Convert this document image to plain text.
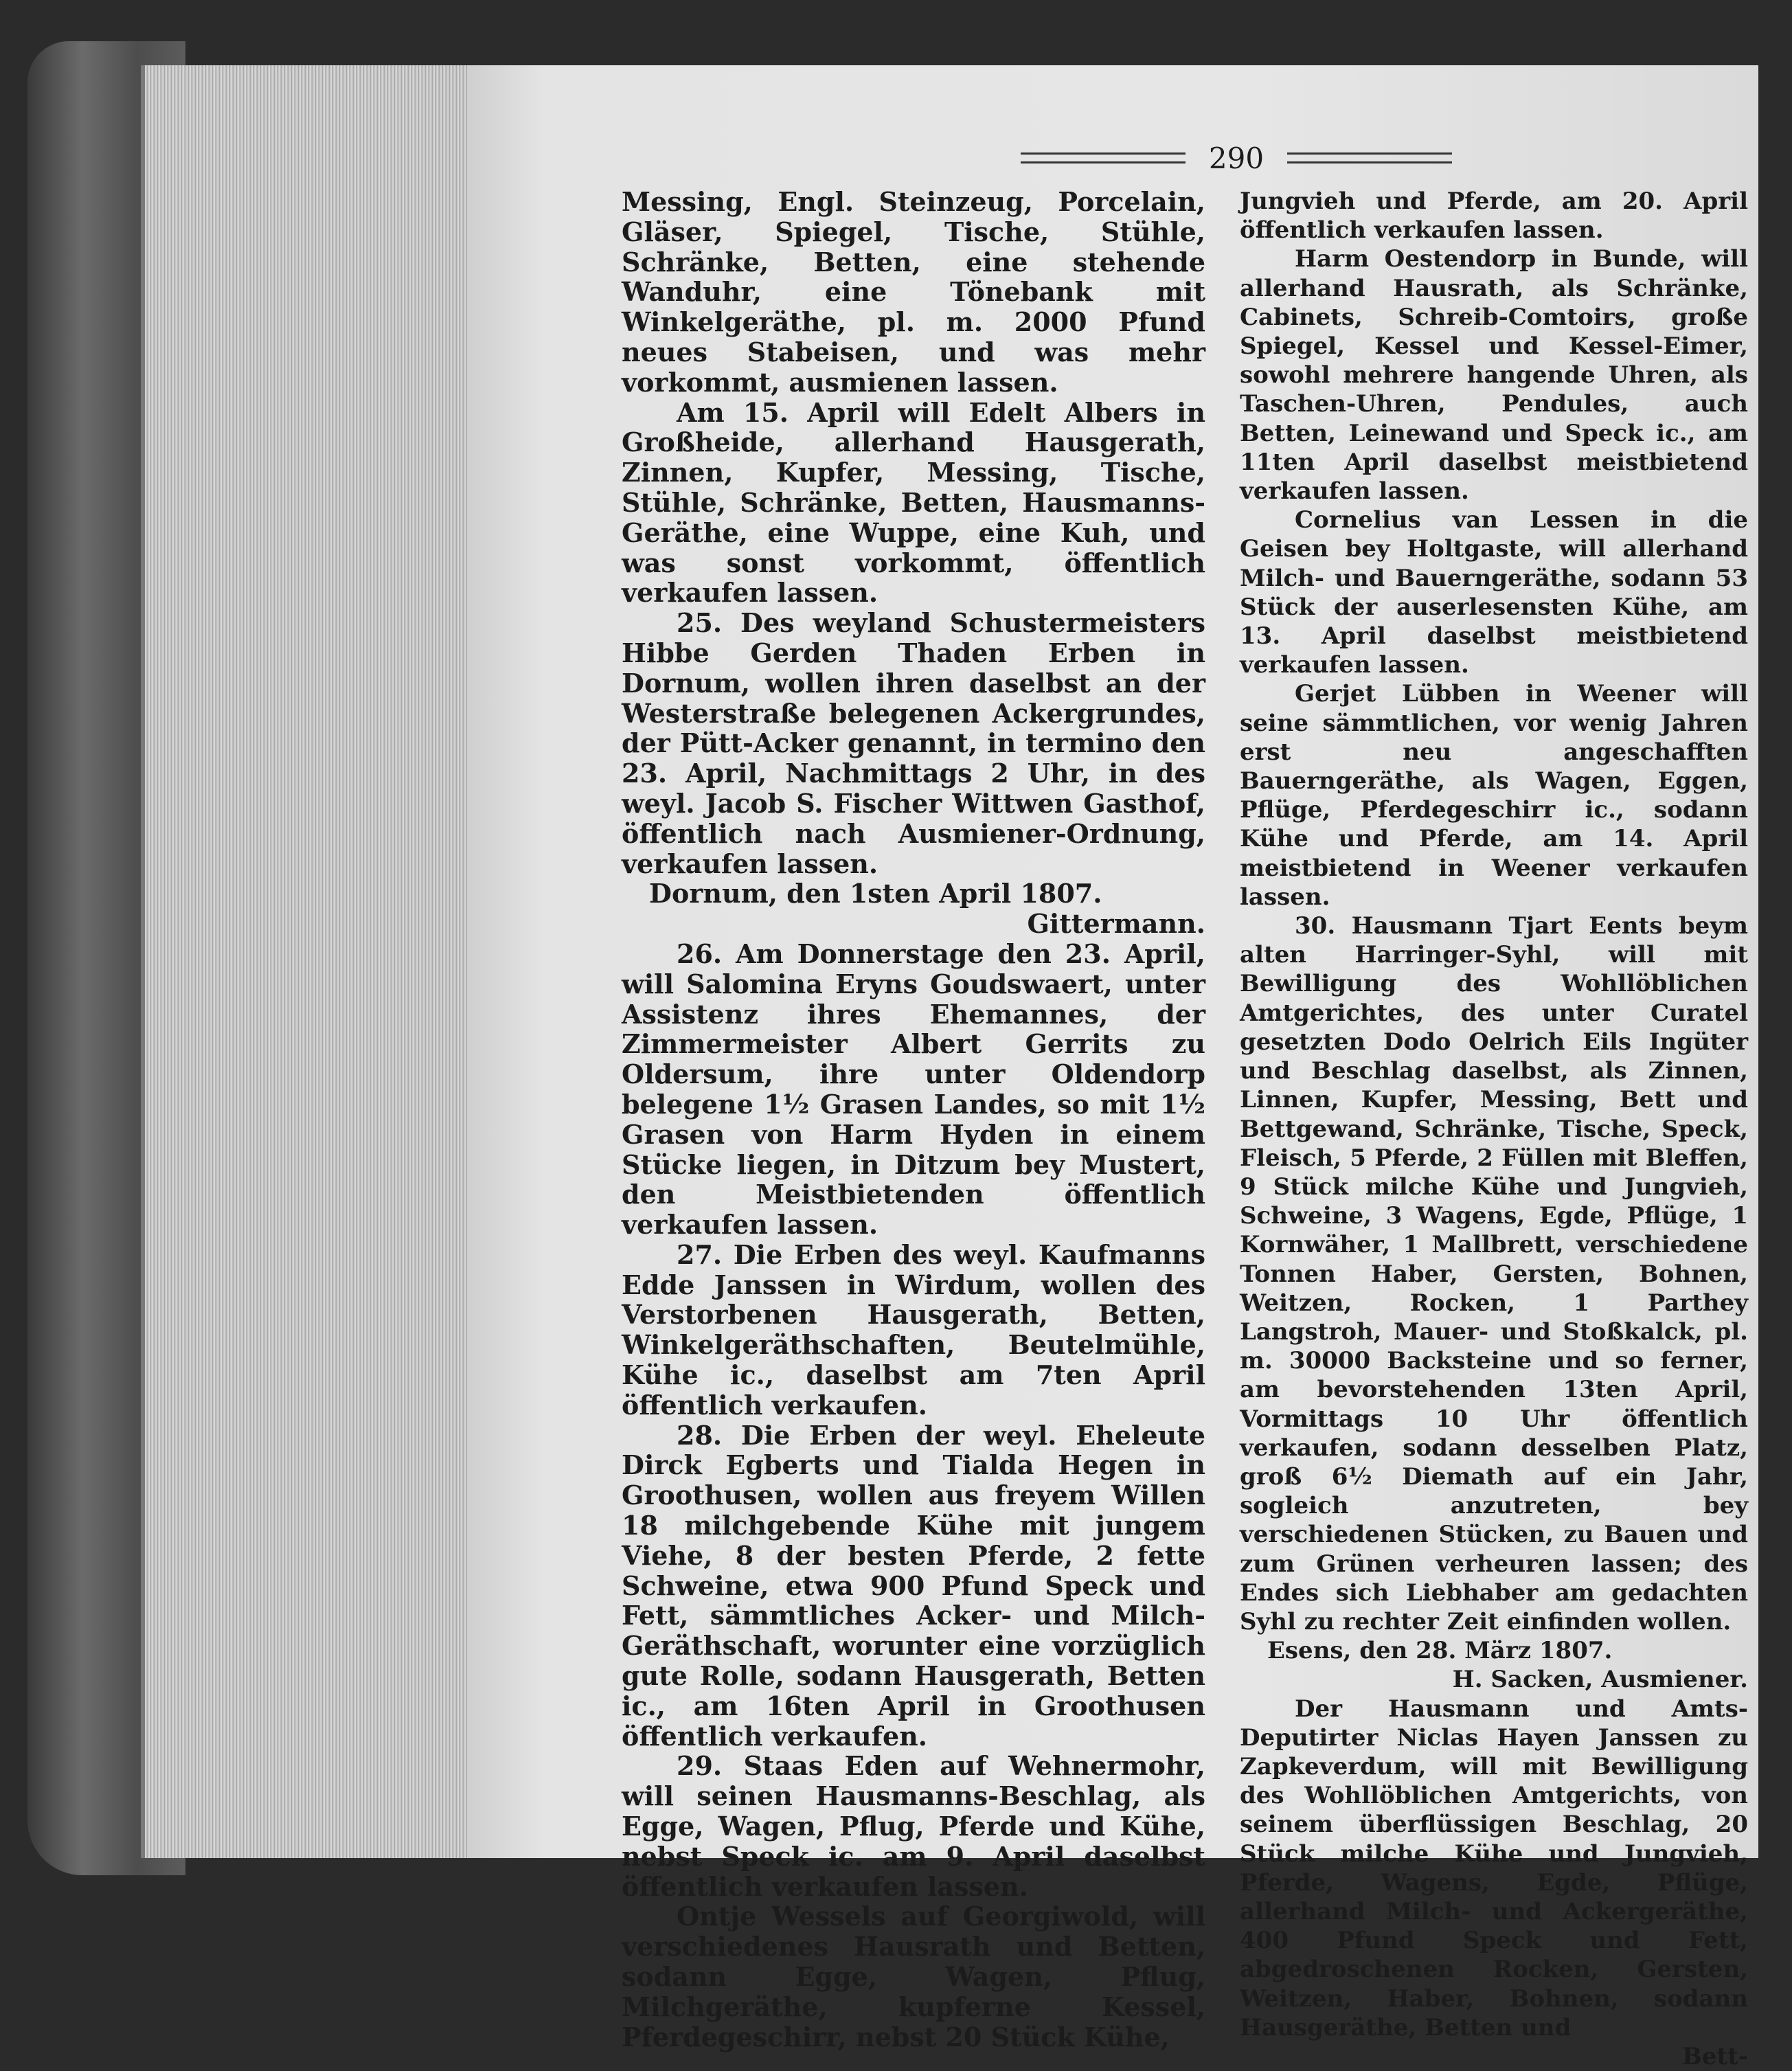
290

Messing, Engl. Steinzeug, Porcelain, Gläser, Spiegel, Tische, Stühle, Schränke, Betten, eine stehende Wanduhr, eine Tönebank mit Winkelgeräthe, pl. m. 2000 Pfund neues Stabeisen, und was mehr vorkommt, ausmienen lassen.

Am 15. April will Edelt Albers in Großheide, allerhand Hausgerath, Zinnen, Kupfer, Messing, Tische, Stühle, Schränke, Betten, Hausmanns-Geräthe, eine Wuppe, eine Kuh, und was sonst vorkommt, öffentlich verkaufen lassen.

25. Des weyland Schustermeisters Hibbe Gerden Thaden Erben in Dornum, wollen ihren daselbst an der Westerstraße belegenen Ackergrundes, der Pütt-Acker genannt, in termino den 23. April, Nachmittags 2 Uhr, in des weyl. Jacob S. Fischer Wittwen Gasthof, öffentlich nach Ausmiener-Ordnung, verkaufen lassen.

Dornum, den 1sten April 1807.

Gittermann.

26. Am Donnerstage den 23. April, will Salomina Eryns Goudswaert, unter Assistenz ihres Ehemannes, der Zimmermeister Albert Gerrits zu Oldersum, ihre unter Oldendorp belegene 1½ Grasen Landes, so mit 1½ Grasen von Harm Hyden in einem Stücke liegen, in Ditzum bey Mustert, den Meistbietenden öffentlich verkaufen lassen.

27. Die Erben des weyl. Kaufmanns Edde Janssen in Wirdum, wollen des Verstorbenen Hausgerath, Betten, Winkelgeräthschaften, Beutelmühle, Kühe ic., daselbst am 7ten April öffentlich verkaufen.

28. Die Erben der weyl. Eheleute Dirck Egberts und Tialda Hegen in Groothusen, wollen aus freyem Willen 18 milchgebende Kühe mit jungem Viehe, 8 der besten Pferde, 2 fette Schweine, etwa 900 Pfund Speck und Fett, sämmtliches Acker- und Milch-Geräthschaft, worunter eine vorzüglich gute Rolle, sodann Hausgerath, Betten ic., am 16ten April in Groothusen öffentlich verkaufen.

29. Staas Eden auf Wehnermohr, will seinen Hausmanns-Beschlag, als Egge, Wagen, Pflug, Pferde und Kühe, nebst Speck ic. am 9. April daselbst öffentlich verkaufen lassen.

Ontje Wessels auf Georgiwold, will verschiedenes Hausrath und Betten, sodann Egge, Wagen, Pflug, Milchgeräthe, kupferne Kessel, Pferdegeschirr, nebst 20 Stück Kühe,

Jungvieh und Pferde, am 20. April öffentlich verkaufen lassen.

Harm Oestendorp in Bunde, will allerhand Hausrath, als Schränke, Cabinets, Schreib-Comtoirs, große Spiegel, Kessel und Kessel-Eimer, sowohl mehrere hangende Uhren, als Taschen-Uhren, Pendules, auch Betten, Leinewand und Speck ic., am 11ten April daselbst meistbietend verkaufen lassen.

Cornelius van Lessen in die Geisen bey Holtgaste, will allerhand Milch- und Bauerngeräthe, sodann 53 Stück der auserlesensten Kühe, am 13. April daselbst meistbietend verkaufen lassen.

Gerjet Lübben in Weener will seine sämmtlichen, vor wenig Jahren erst neu angeschafften Bauerngeräthe, als Wagen, Eggen, Pflüge, Pferdegeschirr ic., sodann Kühe und Pferde, am 14. April meistbietend in Weener verkaufen lassen.

30. Hausmann Tjart Eents beym alten Harringer-Syhl, will mit Bewilligung des Wohllöblichen Amtgerichtes, des unter Curatel gesetzten Dodo Oelrich Eils Ingüter und Beschlag daselbst, als Zinnen, Linnen, Kupfer, Messing, Bett und Bettgewand, Schränke, Tische, Speck, Fleisch, 5 Pferde, 2 Füllen mit Bleffen, 9 Stück milche Kühe und Jungvieh, Schweine, 3 Wagens, Egde, Pflüge, 1 Kornwäher, 1 Mallbrett, verschiedene Tonnen Haber, Gersten, Bohnen, Weitzen, Rocken, 1 Parthey Langstroh, Mauer- und Stoßkalck, pl. m. 30000 Backsteine und so ferner, am bevorstehenden 13ten April, Vormittags 10 Uhr öffentlich verkaufen, sodann desselben Platz, groß 6½ Diemath auf ein Jahr, sogleich anzutreten, bey verschiedenen Stücken, zu Bauen und zum Grünen verheuren lassen; des Endes sich Liebhaber am gedachten Syhl zu rechter Zeit einfinden wollen.

Esens, den 28. März 1807.

H. Sacken, Ausmiener.

Der Hausmann und Amts-Deputirter Niclas Hayen Janssen zu Zapkeverdum, will mit Bewilligung des Wohllöblichen Amtgerichts, von seinem überflüssigen Beschlag, 20 Stück milche Kühe und Jungvieh, Pferde, Wagens, Egde, Pflüge, allerhand Milch- und Ackergeräthe, 400 Pfund Speck und Fett, abgedroschenen Rocken, Gersten, Weitzen, Haber, Bohnen, sodann Hausgeräthe, Betten und

Bett-
